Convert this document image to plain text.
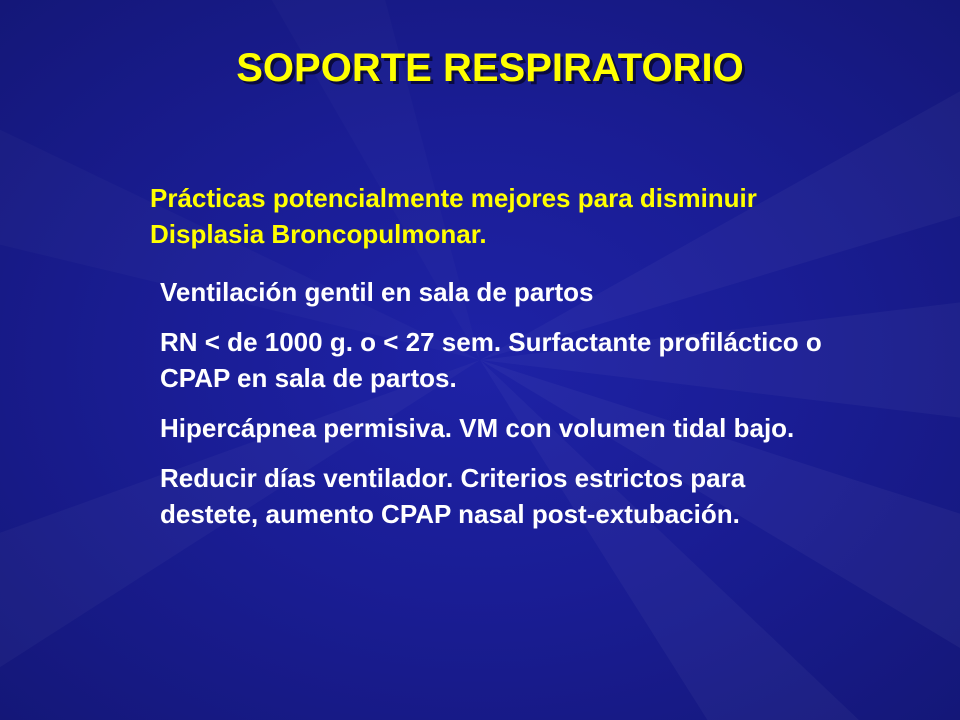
SOPORTE RESPIRATORIO

Prácticas potencialmente mejores para disminuir Displasia Broncopulmonar.

Ventilación gentil en sala de partos
RN < de 1000 g. o < 27 sem. Surfactante profiláctico o CPAP en sala de partos.
Hipercápnea permisiva. VM con volumen tidal bajo.
Reducir días ventilador. Criterios estrictos para destete, aumento CPAP nasal post-extubación.
